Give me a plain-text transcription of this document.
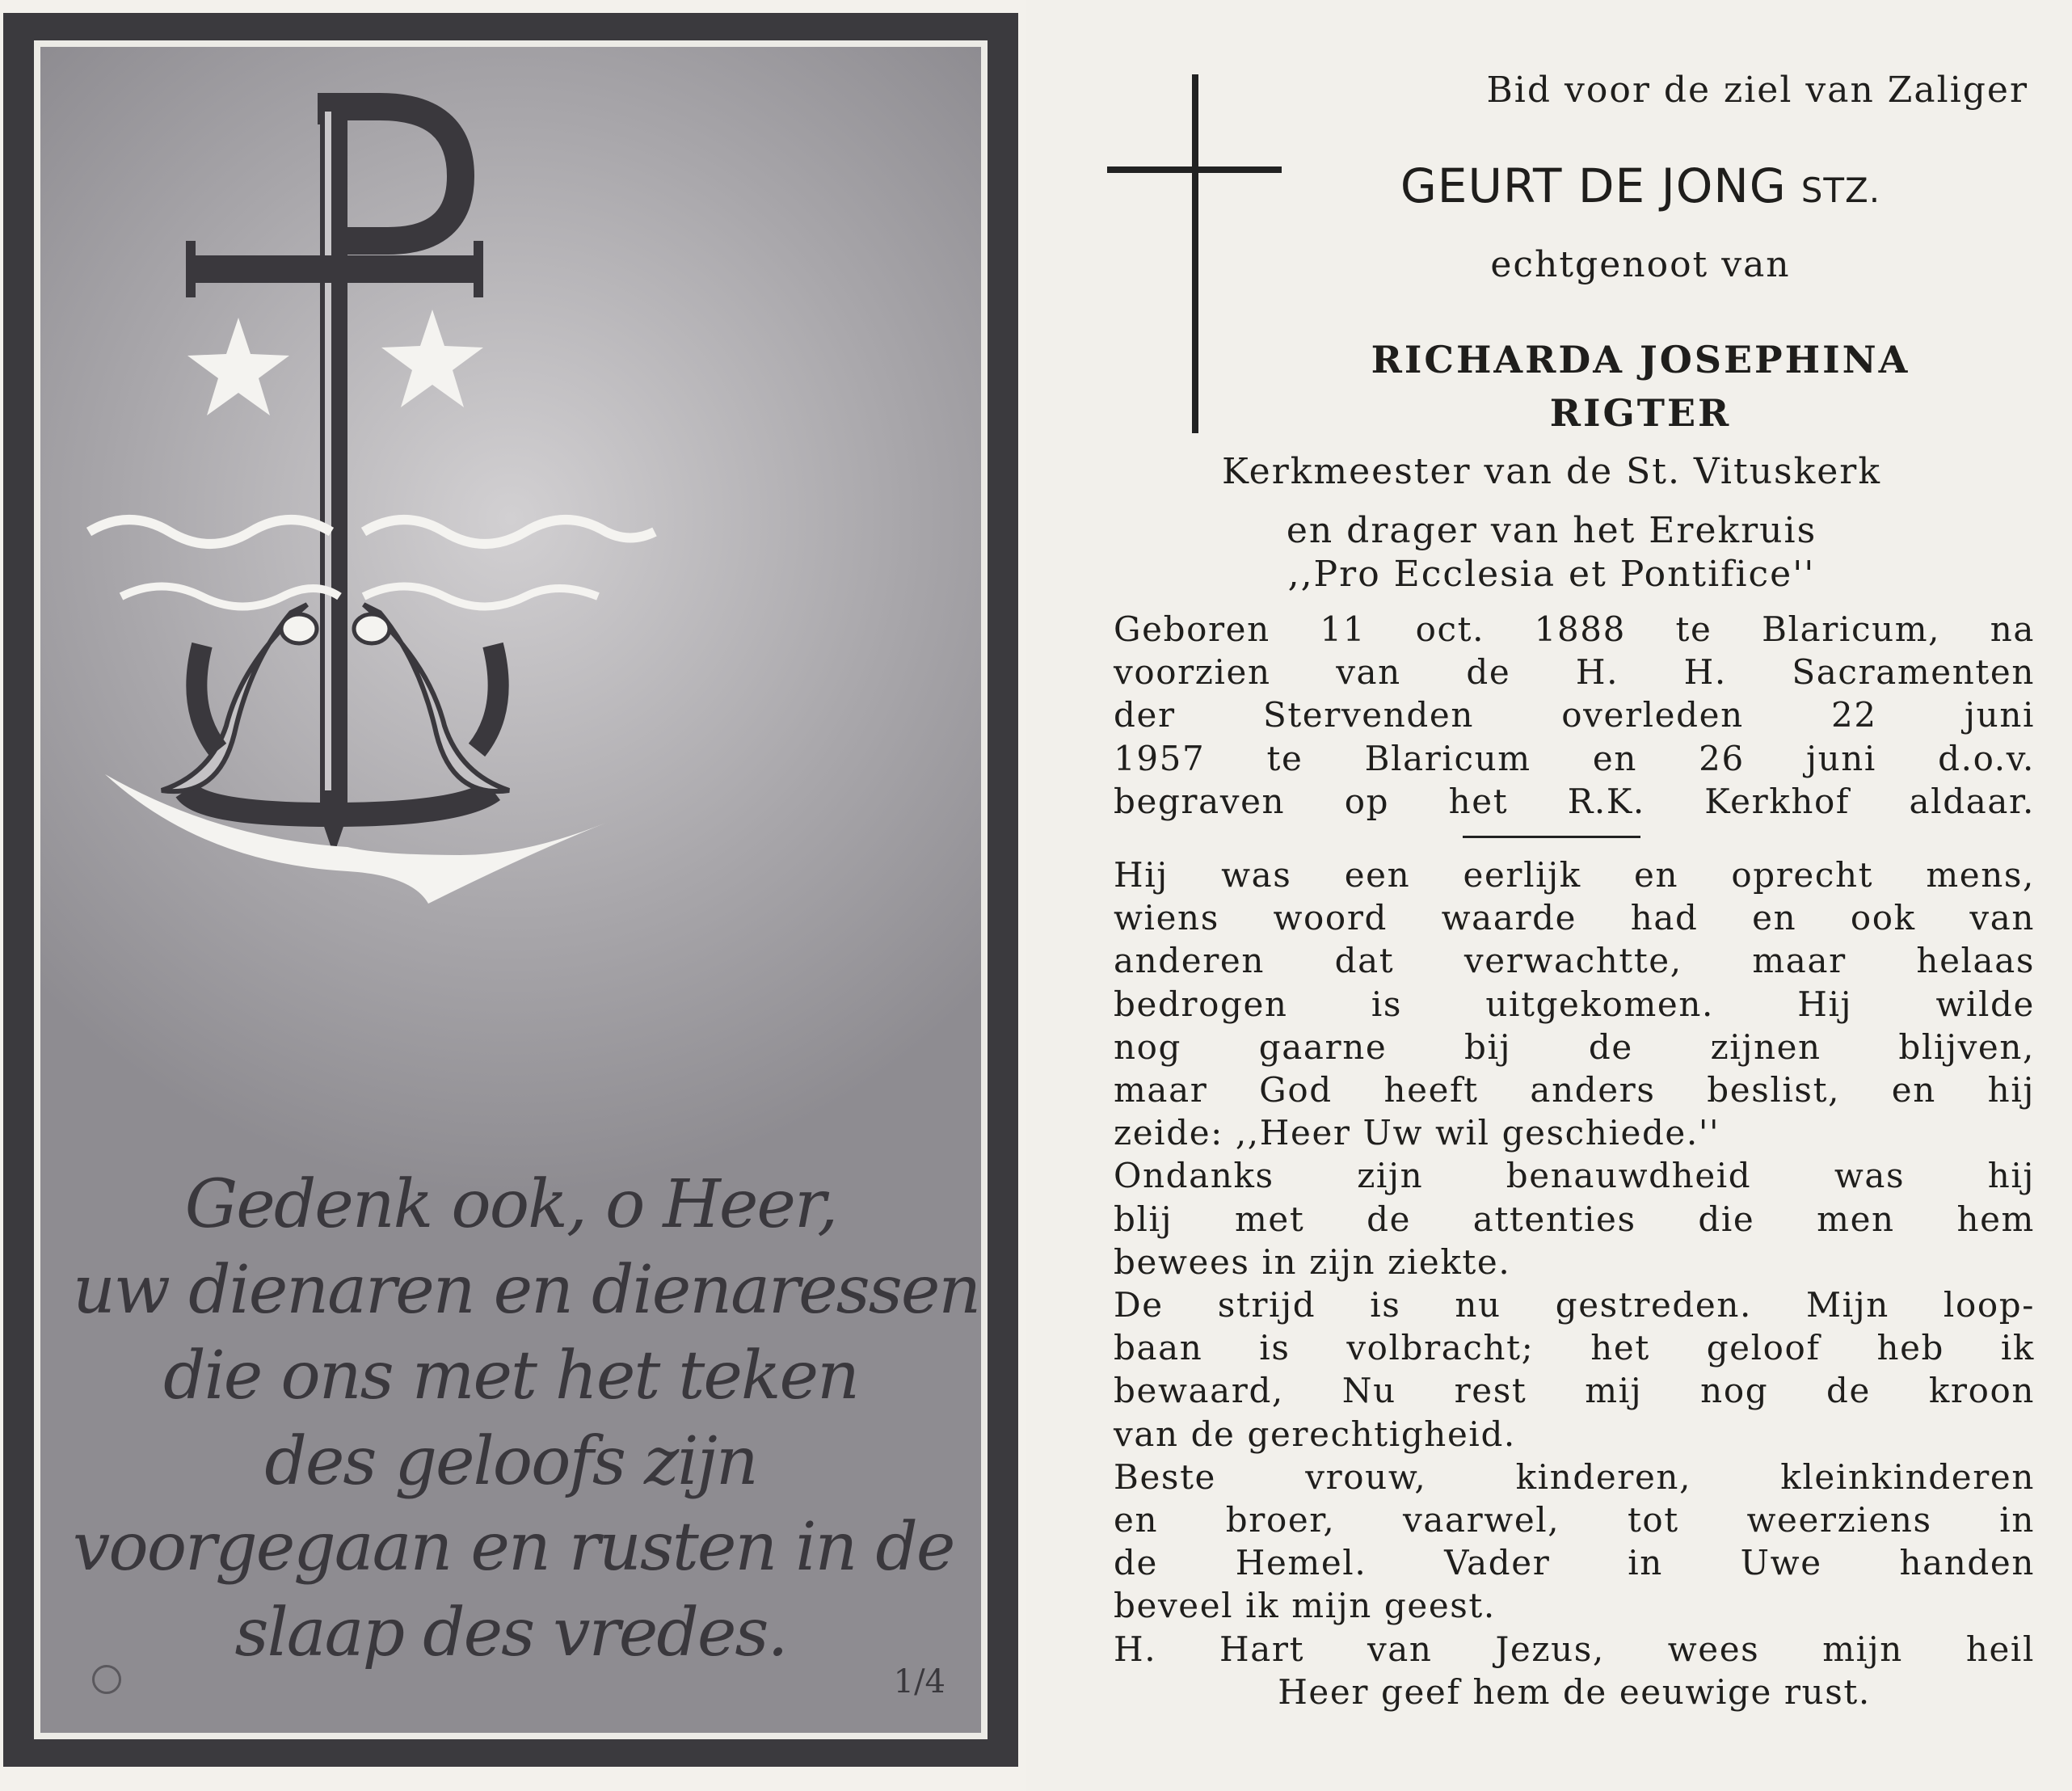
Gedenk ook, o Heer,
uw dienaren en dienaressen
die ons met het teken
des geloofs zijn
voorgegaan en rusten in de
slaap des vredes.
1/4
Bid voor de ziel van Zaliger
GEURT DE JONG STZ.
echtgenoot van
RICHARDA JOSEPHINA
RIGTER
Kerkmeester van de St. Vituskerk
en drager van het Erekruis
,,Pro Ecclesia et Pontifice''
Geboren 11 oct. 1888 te Blaricum, na
voorzien van de H. H. Sacramenten
der Stervenden overleden 22 juni
1957 te Blaricum en 26 juni d.o.v.
begraven op het R.K. Kerkhof aldaar.
Hij was een eerlijk en oprecht mens,
wiens woord waarde had en ook van
anderen dat verwachtte, maar helaas
bedrogen is uitgekomen. Hij wilde
nog gaarne bij de zijnen blijven,
maar God heeft anders beslist, en hij
zeide: ,,Heer Uw wil geschiede.''
Ondanks zijn benauwdheid was hij
blij met de attenties die men hem
bewees in zijn ziekte.
De strijd is nu gestreden. Mijn loop-
baan is volbracht; het geloof heb ik
bewaard, Nu rest mij nog de kroon
van de gerechtigheid.
Beste vrouw, kinderen, kleinkinderen
en broer, vaarwel, tot weerziens in
de Hemel. Vader in Uwe handen
beveel ik mijn geest.
H. Hart van Jezus, wees mijn heil
Heer geef hem de eeuwige rust.
